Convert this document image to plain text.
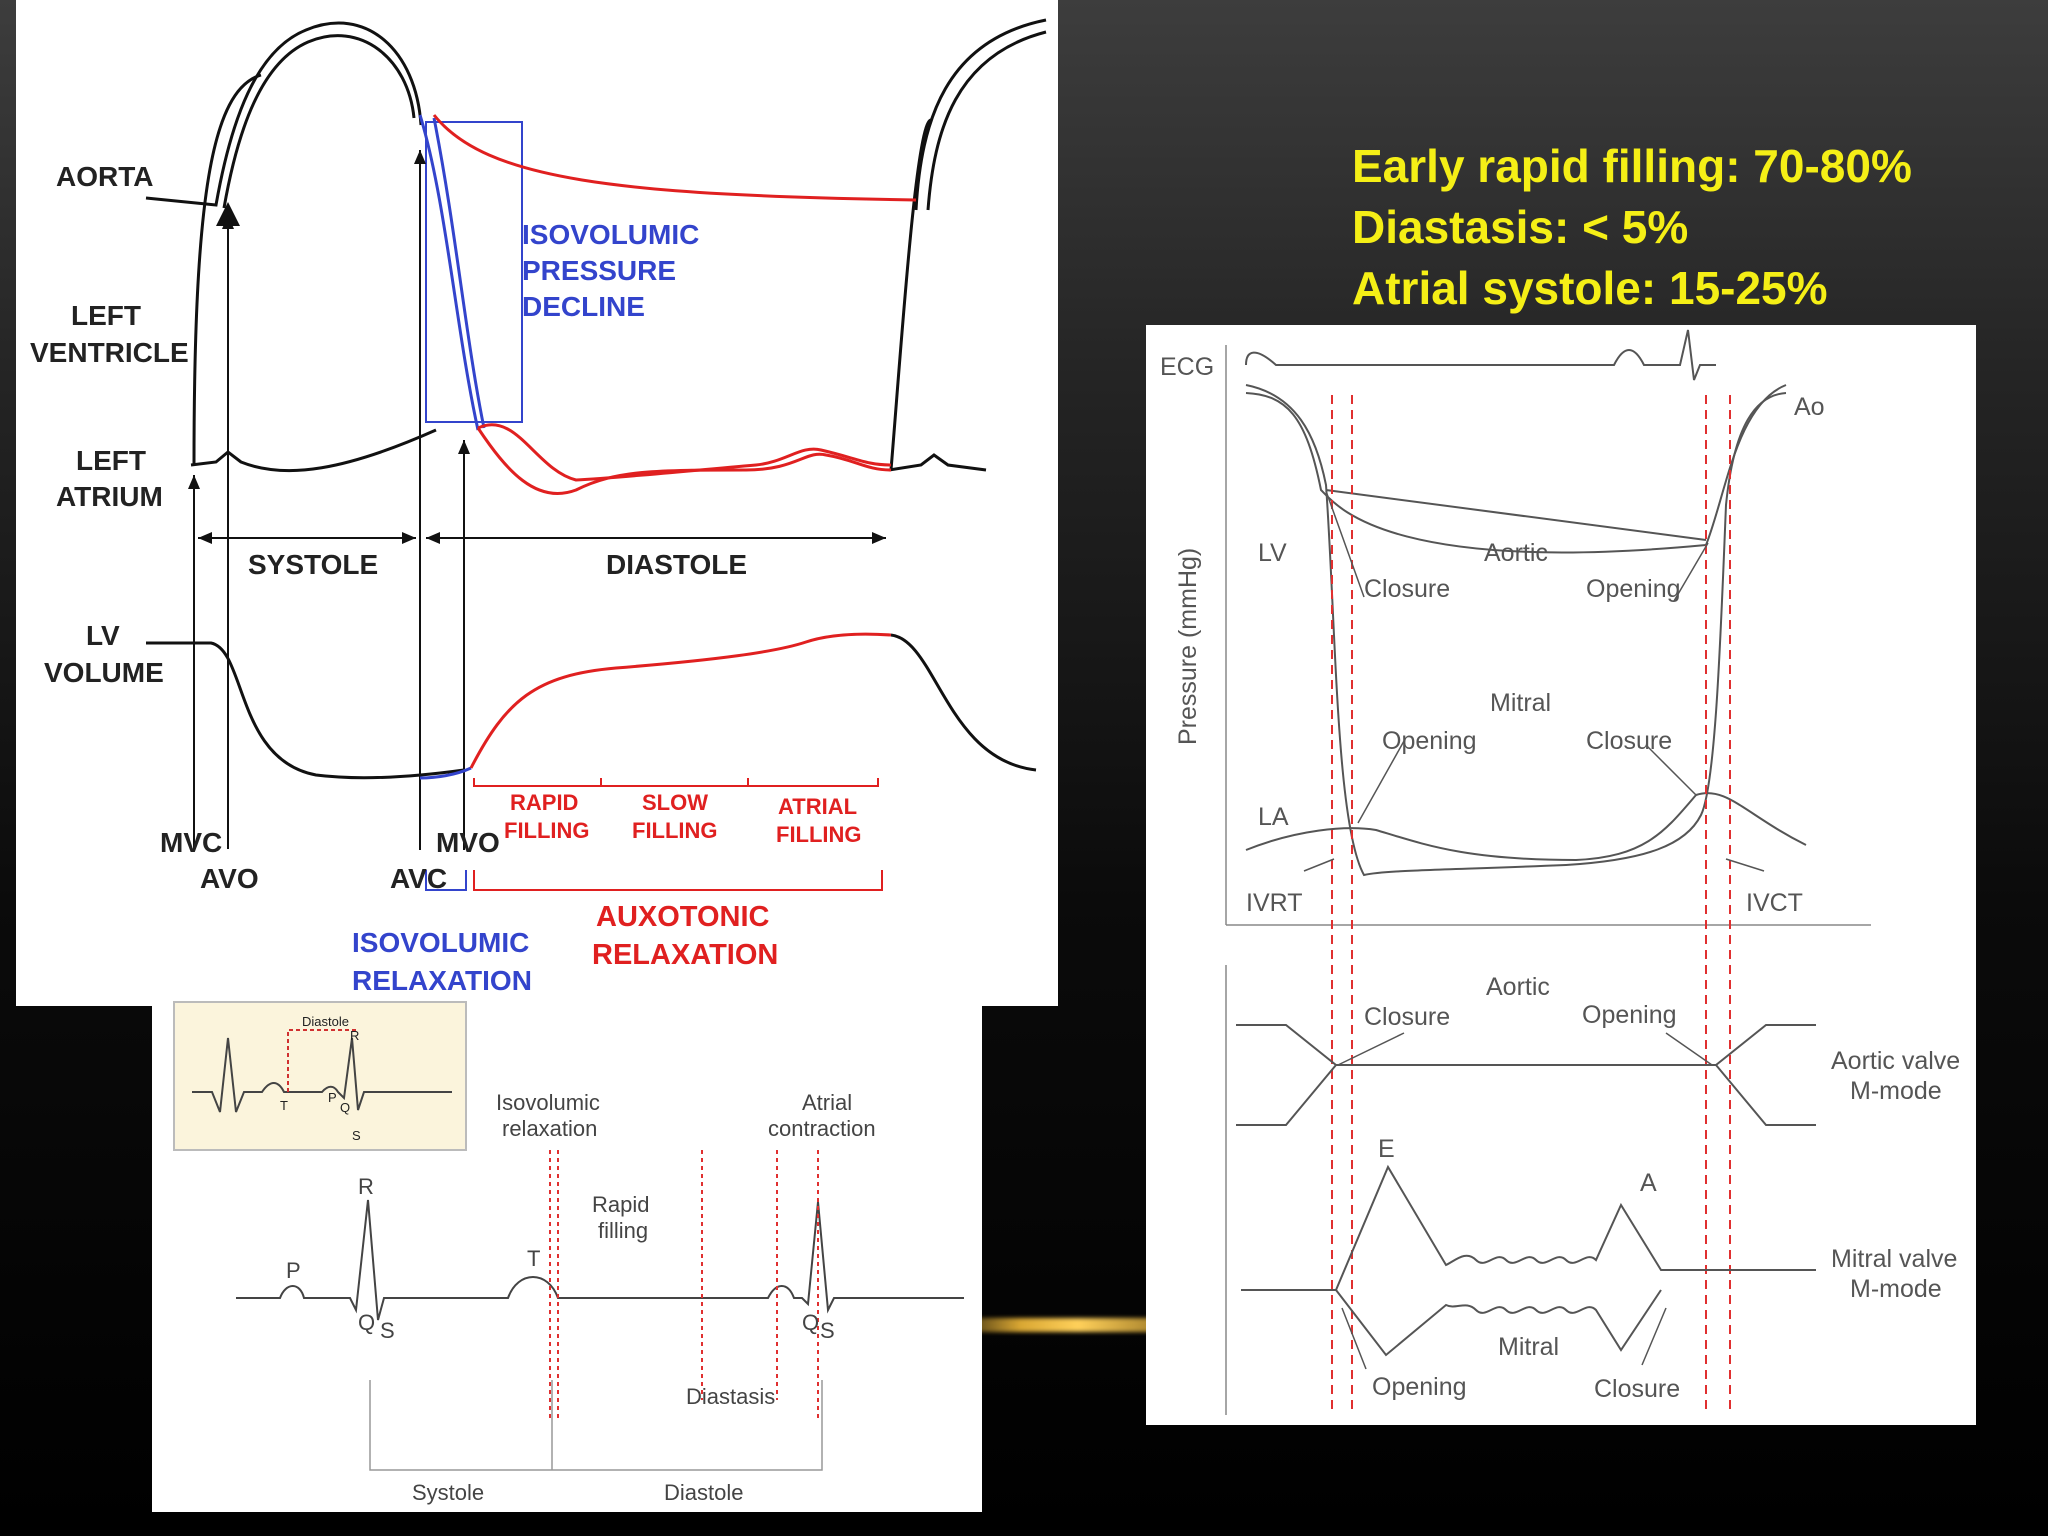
Early rapid filling: 70-80%
Diastasis: < 5%
Atrial systole: 15-25%
AORTA
LEFT
VENTRICLE
LEFT
ATRIUM
LV
VOLUME
ISOVOLUMIC
PRESSURE
DECLINE
SYSTOLE	DIASTOLE
MVC
AVO	AVC
MVO
RAPID
FILLING
SLOW
FILLING
ATRIAL
FILLING
AUXOTONIC
RELAXATION
ISOVOLUMIC
RELAXATION
Diastole
T
P
Q
R
S
Isovolumic
relaxation
Atrial
contraction
Rapid
filling
Diastasis
Systole	Diastole
P
Q
R
S
T
Q S
ECG
Ao
LV
LA
Pressure (mmHg)	Aortic
Closure	Opening
Mitral
Opening	Closure
IVRT	IVCT
Aortic
Closure	Opening
Aortic valve
M-mode
E
A
Mitral
Opening	Closure
Mitral valve
M-mode
